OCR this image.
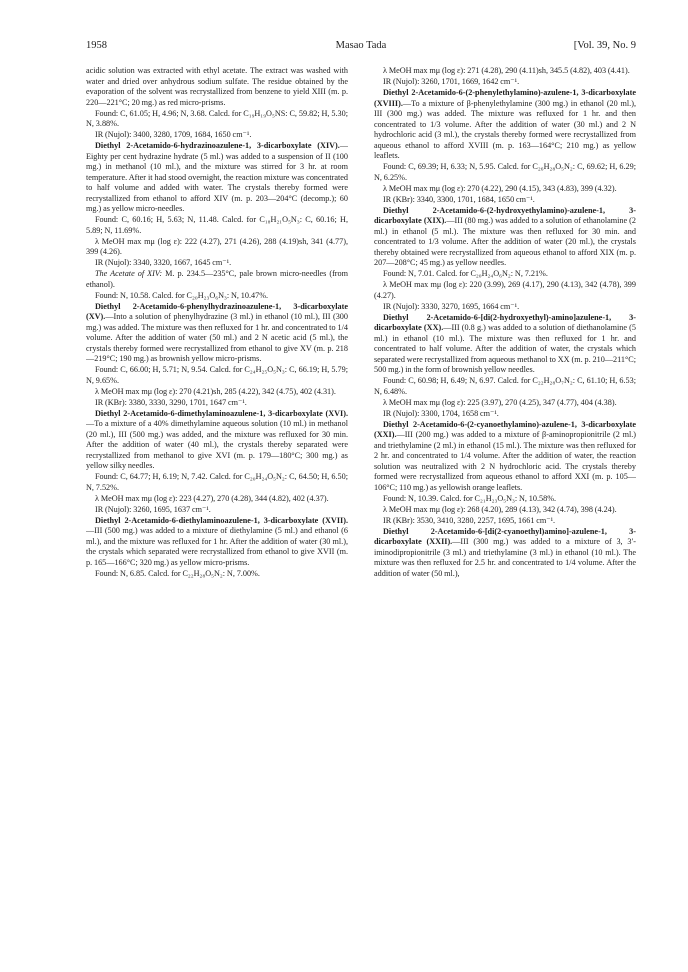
1958	Masao Tada	[Vol. 39, No. 9

acidic solution was extracted with ethyl acetate. The extract was washed with water and dried over anhydrous sodium sulfate. The residue obtained by the evaporation of the solvent was recrystallized from benzene to yield XIII (m. p. 220—221°C; 20 mg.) as red micro-prisms.

Found: C, 61.05; H, 4.96; N, 3.68. Calcd. for C₁₉H₁₉O₅NS: C, 59.82; H, 5.30; N, 3.88%.

IR (Nujol): 3400, 3280, 1709, 1684, 1650 cm⁻¹.

Diethyl 2-Acetamido-6-hydrazinoazulene-1, 3-dicarboxylate (XIV).—Eighty per cent hydrazine hydrate (5 ml.) was added to a suspension of II (100 mg.) in methanol (10 ml.), and the mixture was stirred for 3 hr. at room temperature. After it had stood overnight, the reaction mixture was concentrated to half volume and added with water. The crystals thereby formed were recrystallized from ethanol to afford XIV (m. p. 203—204°C (decomp.); 60 mg.) as yellow micro-needles.

Found: C, 60.16; H, 5.63; N, 11.48. Calcd. for C₁₈H₂₁O₅N₃: C, 60.16; H, 5.89; N, 11.69%.

λ MeOH max mμ (log ε): 222 (4.27), 271 (4.26), 288 (4.19)sh, 341 (4.77), 399 (4.26).

IR (Nujol): 3340, 3320, 1667, 1645 cm⁻¹.

The Acetate of XIV: M. p. 234.5—235°C, pale brown micro-needles (from ethanol).

Found: N, 10.58. Calcd. for C₂₀H₂₃O₆N₃: N, 10.47%.

Diethyl 2-Acetamido-6-phenylhydrazinoazulene-1, 3-dicarboxylate (XV).—Into a solution of phenylhydrazine (3 ml.) in ethanol (10 ml.), III (300 mg.) was added. The mixture was then refluxed for 1 hr. and concentrated to 1/4 volume. After the addition of water (50 ml.) and 2 N acetic acid (5 ml.), the crystals thereby formed were recrystallized from ethanol to give XV (m. p. 218—219°C; 190 mg.) as brownish yellow micro-prisms.

Found: C, 66.00; H, 5.71; N, 9.54. Calcd. for C₂₄H₂₅O₅N₃: C, 66.19; H, 5.79; N, 9.65%.

λ MeOH max mμ (log ε): 270 (4.21)sh, 285 (4.22), 342 (4.75), 402 (4.31).

IR (KBr): 3380, 3330, 3290, 1701, 1647 cm⁻¹.

Diethyl 2-Acetamido-6-dimethylaminoazulene-1, 3-dicarboxylate (XVI).—To a mixture of a 40% dimethylamine aqueous solution (10 ml.) in methanol (20 ml.), III (500 mg.) was added, and the mixture was refluxed for 30 min. After the addition of water (40 ml.), the crystals thereby separated were recrystallized from methanol to give XVI (m. p. 179—180°C; 300 mg.) as yellow silky needles.

Found: C, 64.77; H, 6.19; N, 7.42. Calcd. for C₂₀H₂₄O₅N₂: C, 64.50; H, 6.50; N, 7.52%.

λ MeOH max mμ (log ε): 223 (4.27), 270 (4.28), 344 (4.82), 402 (4.37).

IR (Nujol): 3260, 1695, 1637 cm⁻¹.

Diethyl 2-Acetamido-6-diethylaminoazulene-1, 3-dicarboxylate (XVII).—III (500 mg.) was added to a mixture of diethylamine (5 ml.) and ethanol (6 ml.), and the mixture was refluxed for 1 hr. After the addition of water (30 ml.), the crystals which separated were recrystallized from ethanol to give XVII (m. p. 165—166°C; 320 mg.) as yellow micro-prisms.

Found: N, 6.85. Calcd. for C₂₂H₂₈O₅N₂: N, 7.00%.

λ MeOH max mμ (log ε): 271 (4.28), 290 (4.11)sh, 345.5 (4.82), 403 (4.41).

IR (Nujol): 3260, 1701, 1669, 1642 cm⁻¹.

Diethyl 2-Acetamido-6-(2-phenylethylamino)-azulene-1, 3-dicarboxylate (XVIII).—To a mixture of β-phenylethylamine (300 mg.) in ethanol (20 ml.), III (300 mg.) was added. The mixture was refluxed for 1 hr. and then concentrated to 1/3 volume. After the addition of water (30 ml.) and 2 N hydrochloric acid (3 ml.), the crystals thereby formed were recrystallized from aqueous ethanol to afford XVIII (m. p. 163—164°C; 210 mg.) as yellow leaflets.

Found: C, 69.39; H, 6.33; N, 5.95. Calcd. for C₂₆H₂₈O₅N₂: C, 69.62; H, 6.29; N, 6.25%.

λ MeOH max mμ (log ε): 270 (4.22), 290 (4.15), 343 (4.83), 399 (4.32).

IR (KBr): 3340, 3300, 1701, 1684, 1650 cm⁻¹.

Diethyl 2-Acetamido-6-(2-hydroxyethylamino)-azulene-1, 3-dicarboxylate (XIX).—III (80 mg.) was added to a solution of ethanolamine (2 ml.) in ethanol (5 ml.). The mixture was then refluxed for 30 min. and concentrated to 1/3 volume. After the addition of water (20 ml.), the crystals thereby obtained were recrystallized from aqueous ethanol to afford XIX (m. p. 207—208°C; 45 mg.) as yellow needles.

Found: N, 7.01. Calcd. for C₂₀H₂₄O₆N₂: N, 7.21%.

λ MeOH max mμ (log ε): 220 (3.99), 269 (4.17), 290 (4.13), 342 (4.78), 399 (4.27).

IR (Nujol): 3330, 3270, 1695, 1664 cm⁻¹.

Diethyl 2-Acetamido-6-[di(2-hydroxyethyl)-amino]azulene-1, 3-dicarboxylate (XX).—III (0.8 g.) was added to a solution of diethanolamine (5 ml.) in ethanol (10 ml.). The mixture was then refluxed for 1 hr. and concentrated to half volume. After the addition of water, the crystals which separated were recrystallized from aqueous methanol to XX (m. p. 210—211°C; 500 mg.) in the form of brownish yellow needles.

Found: C, 60.98; H, 6.49; N, 6.97. Calcd. for C₂₂H₂₈O₇N₂: C, 61.10; H, 6.53; N, 6.48%.

λ MeOH max mμ (log ε): 225 (3.97), 270 (4.25), 347 (4.77), 404 (4.38).

IR (Nujol): 3300, 1704, 1658 cm⁻¹.

Diethyl 2-Acetamido-6-(2-cyanoethylamino)-azulene-1, 3-dicarboxylate (XXI).—III (200 mg.) was added to a mixture of β-aminopropionitrile (2 ml.) and triethylamine (2 ml.) in ethanol (15 ml.). The mixture was then refluxed for 2 hr. and concentrated to 1/4 volume. After the addition of water, the reaction solution was neutralized with 2 N hydrochloric acid. The crystals thereby formed were recrystallized from aqueous ethanol to afford XXI (m. p. 105—106°C; 110 mg.) as yellowish orange leaflets.

Found: N, 10.39. Calcd. for C₂₁H₂₃O₅N₃: N, 10.58%.

λ MeOH max mμ (log ε): 268 (4.20), 289 (4.13), 342 (4.74), 398 (4.24).

IR (KBr): 3530, 3410, 3280, 2257, 1695, 1661 cm⁻¹.

Diethyl 2-Acetamido-6-[di(2-cyanoethyl)amino]-azulene-1, 3-dicarboxylate (XXII).—III (300 mg.) was added to a mixture of 3, 3′-iminodipropionitrile (3 ml.) and triethylamine (3 ml.) in ethanol (10 ml.). The mixture was then refluxed for 2.5 hr. and concentrated to 1/4 volume. After the addition of water (50 ml.),
